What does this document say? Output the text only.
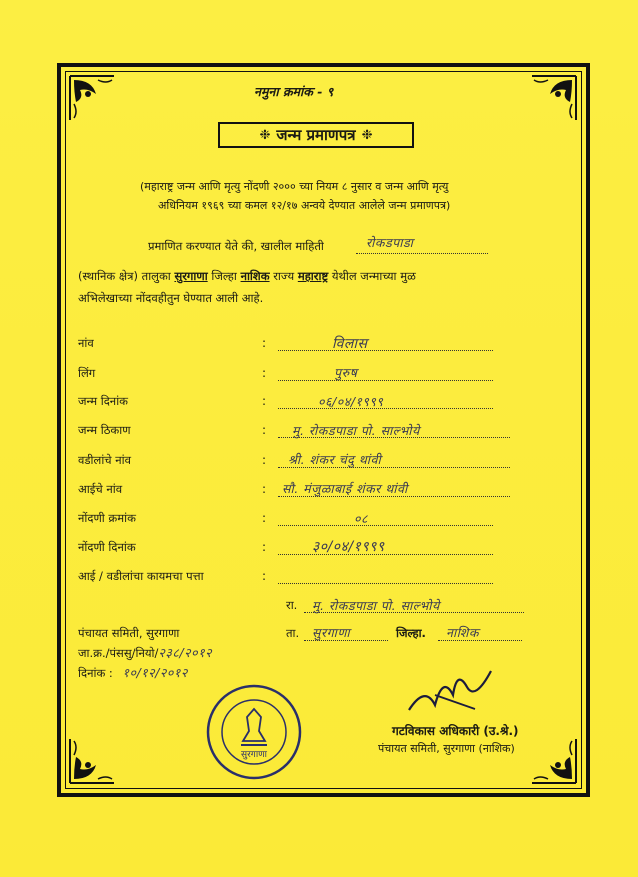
नमुना क्रमांक - ९
❉ जन्म प्रमाणपत्र ❉
(महाराष्ट्र जन्म आणि मृत्यु नोंदणी २००० च्या नियम ८ नुसार व जन्म आणि मृत्यु
अधिनियम १९६९ च्या कमल १२/१७ अन्वये देण्यात आलेले जन्म प्रमाणपत्र)
प्रमाणित करण्यात येते की, खालील माहिती	रोकडपाडा
(स्थानिक क्षेत्र) तालुका सुरगाणा जिल्हा नाशिक राज्य महाराष्ट्र येथील जन्माच्या मुळ
अभिलेखाच्या नोंदवहीतुन घेण्यात आली आहे.
नांव	:	विलास
लिंग	:	पुरुष
जन्म दिनांक	:	०६/०४/१९९९
जन्म ठिकाण	: मु. रोकडपाडा पो. साल्भोये
वडीलांचे नांव	: श्री. शंकर चंदु थांवी
आईचे नांव	: सौ. मंजुळाबाई शंकर थांवी
नोंदणी क्रमांक	:	०८
नोंदणी दिनांक	:	३०/०४/१९९९
आई / वडीलांचा कायमचा पत्ता	:
रा. मु. रोकडपाडा पो. साल्भोये
पंचायत समिती, सुरगाणा	ता. सुरगाणा	जिल्हा. नाशिक
जा.क्र./पंससु/नियो/२३८/२०१२
दिनांक : १०/१२/२०१२
सुरगाणा
गटविकास अधिकारी (उ.श्रे.)
पंचायत समिती, सुरगाणा (नाशिक)
